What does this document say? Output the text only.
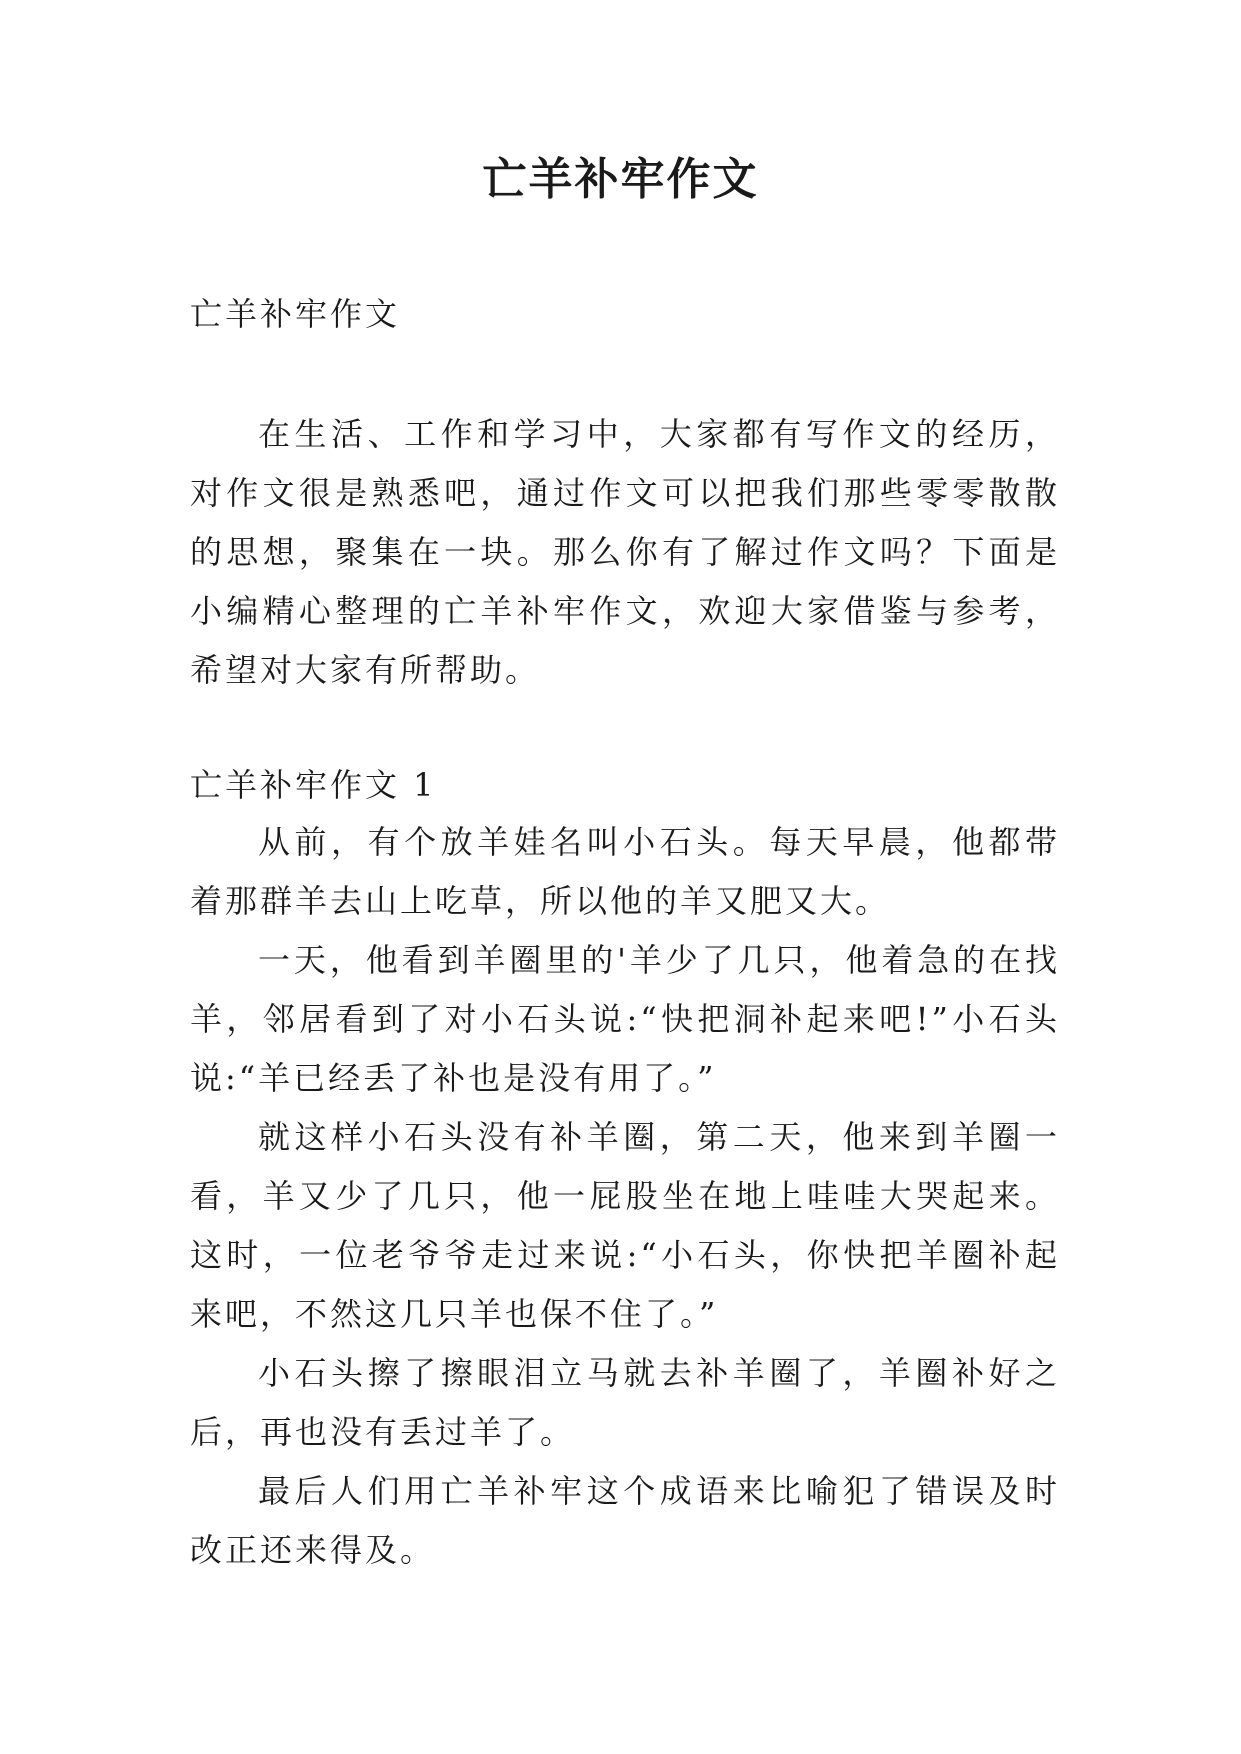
亡羊补牢作文

亡羊补牢作文

在生活、工作和学习中，大家都有写作文的经历，对作文很是熟悉吧，通过作文可以把我们那些零零散散的思想，聚集在一块。那么你有了解过作文吗？下面是小编精心整理的亡羊补牢作文，欢迎大家借鉴与参考，希望对大家有所帮助。

亡羊补牢作文 1

从前，有个放羊娃名叫小石头。每天早晨，他都带着那群羊去山上吃草，所以他的羊又肥又大。

一天，他看到羊圈里的'羊少了几只，他着急的在找羊，邻居看到了对小石头说:“快把洞补起来吧!”小石头说:“羊已经丢了补也是没有用了。”

就这样小石头没有补羊圈，第二天，他来到羊圈一看，羊又少了几只，他一屁股坐在地上哇哇大哭起来。这时，一位老爷爷走过来说:“小石头，你快把羊圈补起来吧，不然这几只羊也保不住了。”

小石头擦了擦眼泪立马就去补羊圈了，羊圈补好之后，再也没有丢过羊了。

最后人们用亡羊补牢这个成语来比喻犯了错误及时改正还来得及。
